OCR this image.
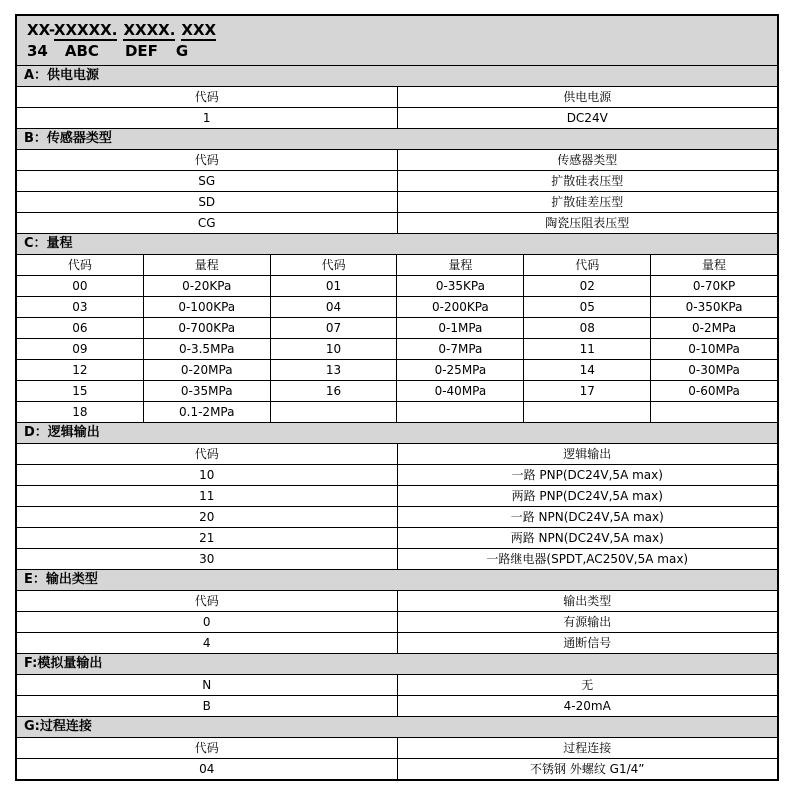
XX-XXXXX. XXXX. XXX
34 ABC DEF G
A：供电电源
代码	供电电源
1	DC24V
B：传感器类型
代码	传感器类型
SG	扩散硅表压型
SD	扩散硅差压型
CG	陶瓷压阻表压型
C：量程
代码	量程	代码	量程	代码	量程
00	0-20KPa	01	0-35KPa	02	0-70KP
03	0-100KPa	04	0-200KPa	05	0-350KPa
06	0-700KPa	07	0-1MPa	08	0-2MPa
09	0-3.5MPa	10	0-7MPa	11	0-10MPa
12	0-20MPa	13	0-25MPa	14	0-30MPa
15	0-35MPa	16	0-40MPa	17	0-60MPa
18	0.1-2MPa
D：逻辑输出
代码	逻辑输出
10	一路 PNP(DC24V,5A max)
11	两路 PNP(DC24V,5A max)
20	一路 NPN(DC24V,5A max)
21	两路 NPN(DC24V,5A max)
30	一路继电器(SPDT,AC250V,5A max)
E：输出类型
代码	输出类型
0	有源输出
4	通断信号
F:模拟量输出
N	无
B	4-20mA
G:过程连接
代码	过程连接
04	不锈钢 外螺纹 G1/4”
